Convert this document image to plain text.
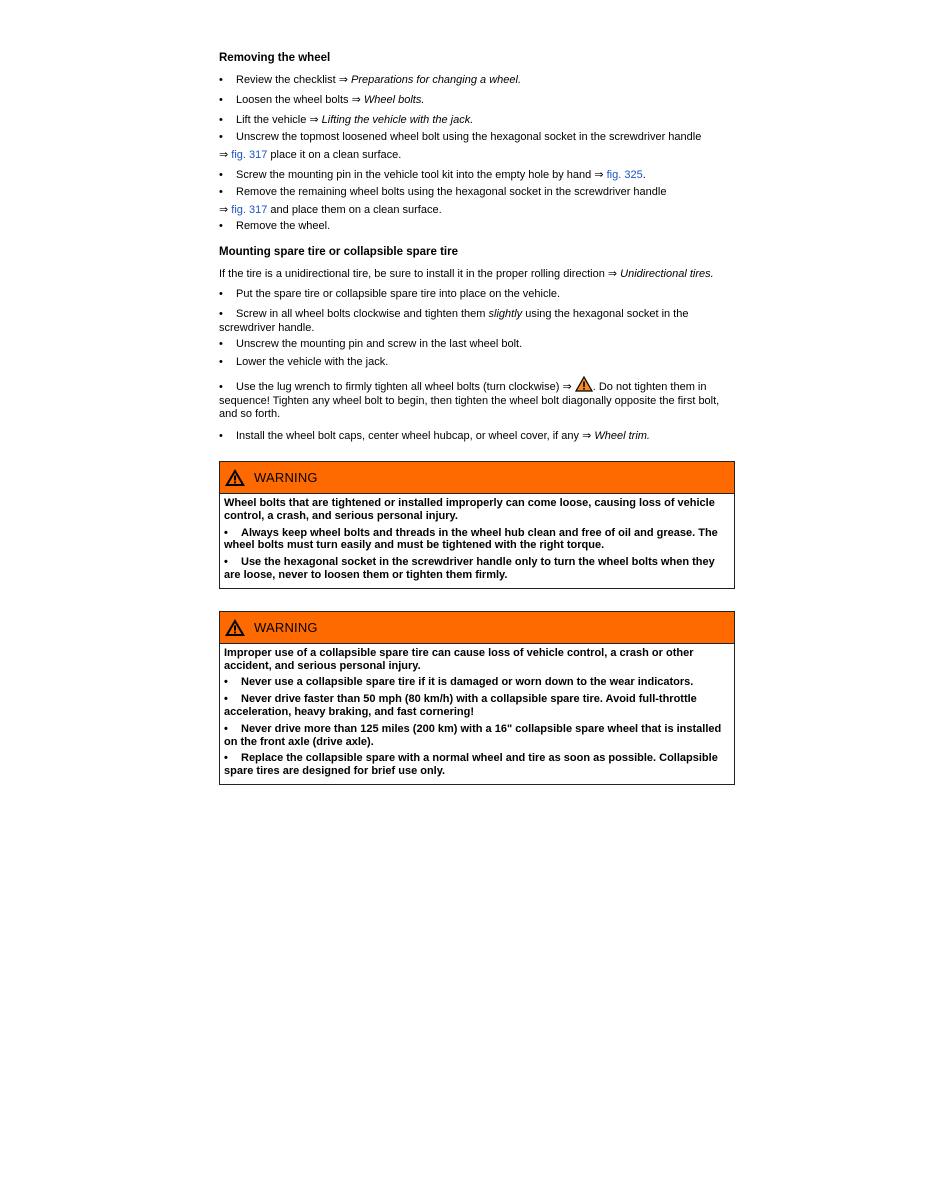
Removing the wheel
• Review the checklist ⇒ Preparations for changing a wheel.
• Loosen the wheel bolts ⇒ Wheel bolts.
• Lift the vehicle ⇒ Lifting the vehicle with the jack.
• Unscrew the topmost loosened wheel bolt using the hexagonal socket in the screwdriver handle

⇒ fig. 317 place it on a clean surface.

• Screw the mounting pin in the vehicle tool kit into the empty hole by hand ⇒ fig. 325.
• Remove the remaining wheel bolts using the hexagonal socket in the screwdriver handle

⇒ fig. 317 and place them on a clean surface.

• Remove the wheel.
Mounting spare tire or collapsible spare tire

If the tire is a unidirectional tire, be sure to install it in the proper rolling direction ⇒ Unidirectional tires.

• Put the spare tire or collapsible spare tire into place on the vehicle.
• Screw in all wheel bolts clockwise and tighten them slightly using the hexagonal socket in the screwdriver handle.
• Unscrew the mounting pin and screw in the last wheel bolt.
• Lower the vehicle with the jack.
• Use the lug wrench to firmly tighten all wheel bolts (turn clockwise) ⇒ . Do not tighten them in sequence! Tighten any wheel bolt to begin, then tighten the wheel bolt diagonally opposite the first bolt, and so forth.
• Install the wheel bolt caps, center wheel hubcap, or wheel cover, if any ⇒ Wheel trim.
WARNING
Wheel bolts that are tightened or installed improperly can come loose, causing loss of vehicle control, a crash, and serious personal injury.
• Always keep wheel bolts and threads in the wheel hub clean and free of oil and grease. The wheel bolts must turn easily and must be tightened with the right torque.
• Use the hexagonal socket in the screwdriver handle only to turn the wheel bolts when they are loose, never to loosen them or tighten them firmly.
WARNING
Improper use of a collapsible spare tire can cause loss of vehicle control, a crash or other accident, and serious personal injury.
• Never use a collapsible spare tire if it is damaged or worn down to the wear indicators.
• Never drive faster than 50 mph (80 km/h) with a collapsible spare tire. Avoid full-throttle acceleration, heavy braking, and fast cornering!
• Never drive more than 125 miles (200 km) with a 16" collapsible spare wheel that is installed on the front axle (drive axle).
• Replace the collapsible spare with a normal wheel and tire as soon as possible. Collapsible spare tires are designed for brief use only.
